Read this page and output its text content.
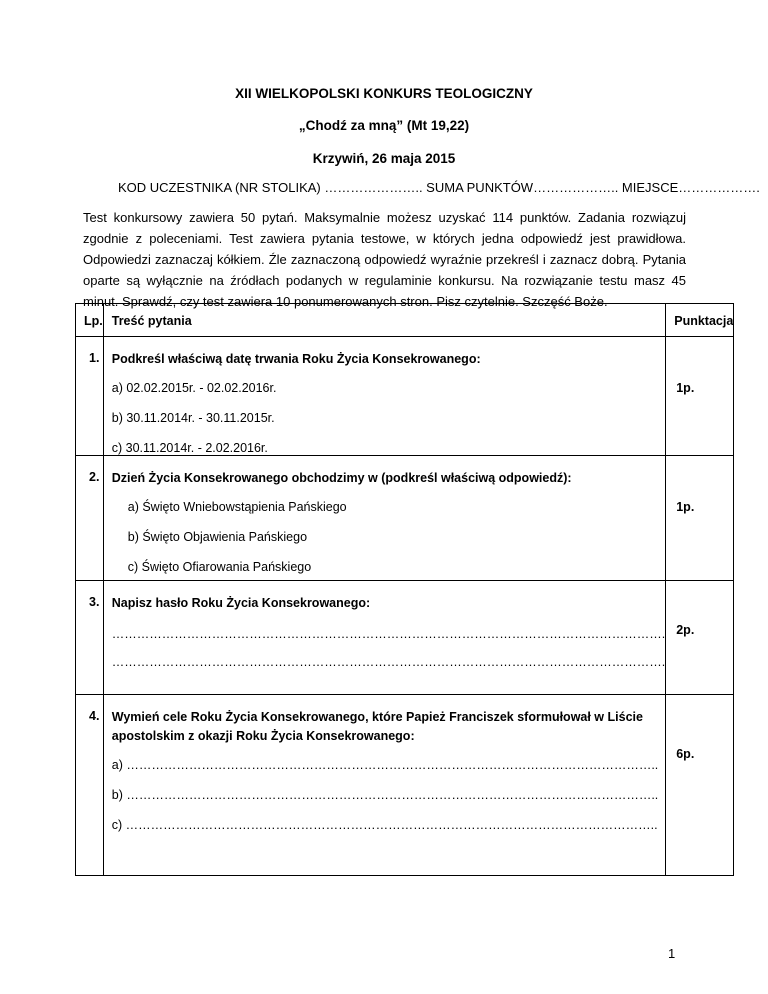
XII WIELKOPOLSKI KONKURS TEOLOGICZNY
„Chodź za mną” (Mt 19,22)
Krzywiń, 26 maja 2015
KOD UCZESTNIKA (NR STOLIKA) ………………….. SUMA PUNKTÓW……………….. MIEJSCE……………….
Test konkursowy zawiera 50 pytań. Maksymalnie możesz uzyskać 114 punktów. Zadania rozwiązuj zgodnie z poleceniami. Test zawiera pytania testowe, w których jedna odpowiedź jest prawidłowa. Odpowiedzi zaznaczaj kółkiem. Źle zaznaczoną odpowiedź wyraźnie przekreśl i zaznacz dobrą. Pytania oparte są wyłącznie na źródłach podanych w regulaminie konkursu. Na rozwiązanie testu masz 45 minut. Sprawdź, czy test zawiera 10 ponumerowanych stron. Pisz czytelnie. Szczęść Boże.
Lp.	Treść pytania	Punktacja

1.	Podkreśl właściwą datę trwania Roku Życia Konsekrowanego:
a) 02.02.2015r. - 02.02.2016r.
b) 30.11.2014r. - 30.11.2015r.
c) 30.11.2014r. - 2.02.2016r.	1p.

2.	Dzień Życia Konsekrowanego obchodzimy w (podkreśl właściwą odpowiedź):
a) Święto Wniebowstąpienia Pańskiego
b) Święto Objawienia Pańskiego
c) Święto Ofiarowania Pańskiego	1p.

3.	Napisz hasło Roku Życia Konsekrowanego:
…………………………………………………………………………………………………………………….
…………………………………………………………………………………………………………………….	2p.

4.	Wymień cele Roku Życia Konsekrowanego, które Papież Franciszek sformułował w Liście apostolskim z okazji Roku Życia Konsekrowanego:
a) ………………………………………………………………………………………………………………..
b) ………………………………………………………………………………………………………………..
c) ………………………………………………………………………………………………………………..	6p.
1
